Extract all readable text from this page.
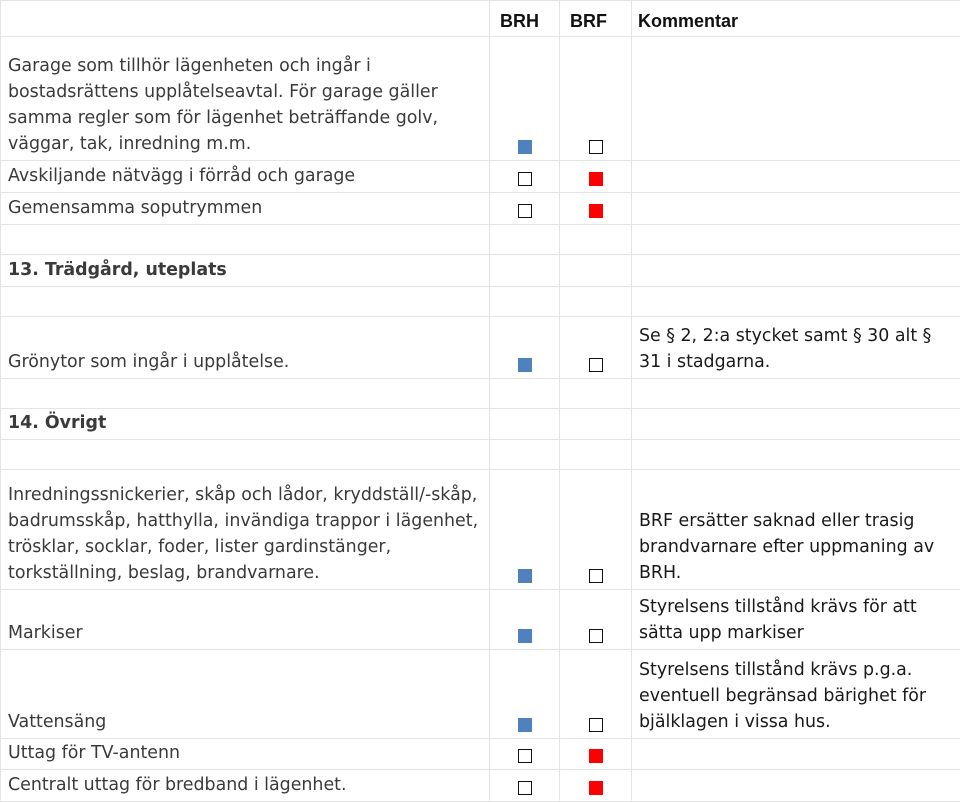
	BRH	BRF	Kommentar
Garage som tillhör lägenheten och ingår i bostadsrättens upplåtelseavtal. För garage gäller samma regler som för lägenhet beträffande golv, väggar, tak, inredning m.m.			
Avskiljande nätvägg i förråd och garage			
Gemensamma soputrymmen			

13. Trädgård, uteplats			

Grönytor som ingår i upplåtelse.			Se § 2, 2:a stycket samt § 30 alt § 31 i stadgarna.

14. Övrigt			

Inredningssnickerier, skåp och lådor, kryddställ/-skåp, badrumsskåp, hatthylla, invändiga trappor i lägenhet, trösklar, socklar, foder, lister gardinstänger, torkställning, beslag, brandvarnare.			BRF ersätter saknad eller trasig brandvarnare efter uppmaning av BRH.
Markiser			Styrelsens tillstånd krävs för att sätta upp markiser
Vattensäng			Styrelsens tillstånd krävs p.g.a. eventuell begränsad bärighet för bjälklagen i vissa hus.
Uttag för TV-antenn			
Centralt uttag för bredband i lägenhet.			
